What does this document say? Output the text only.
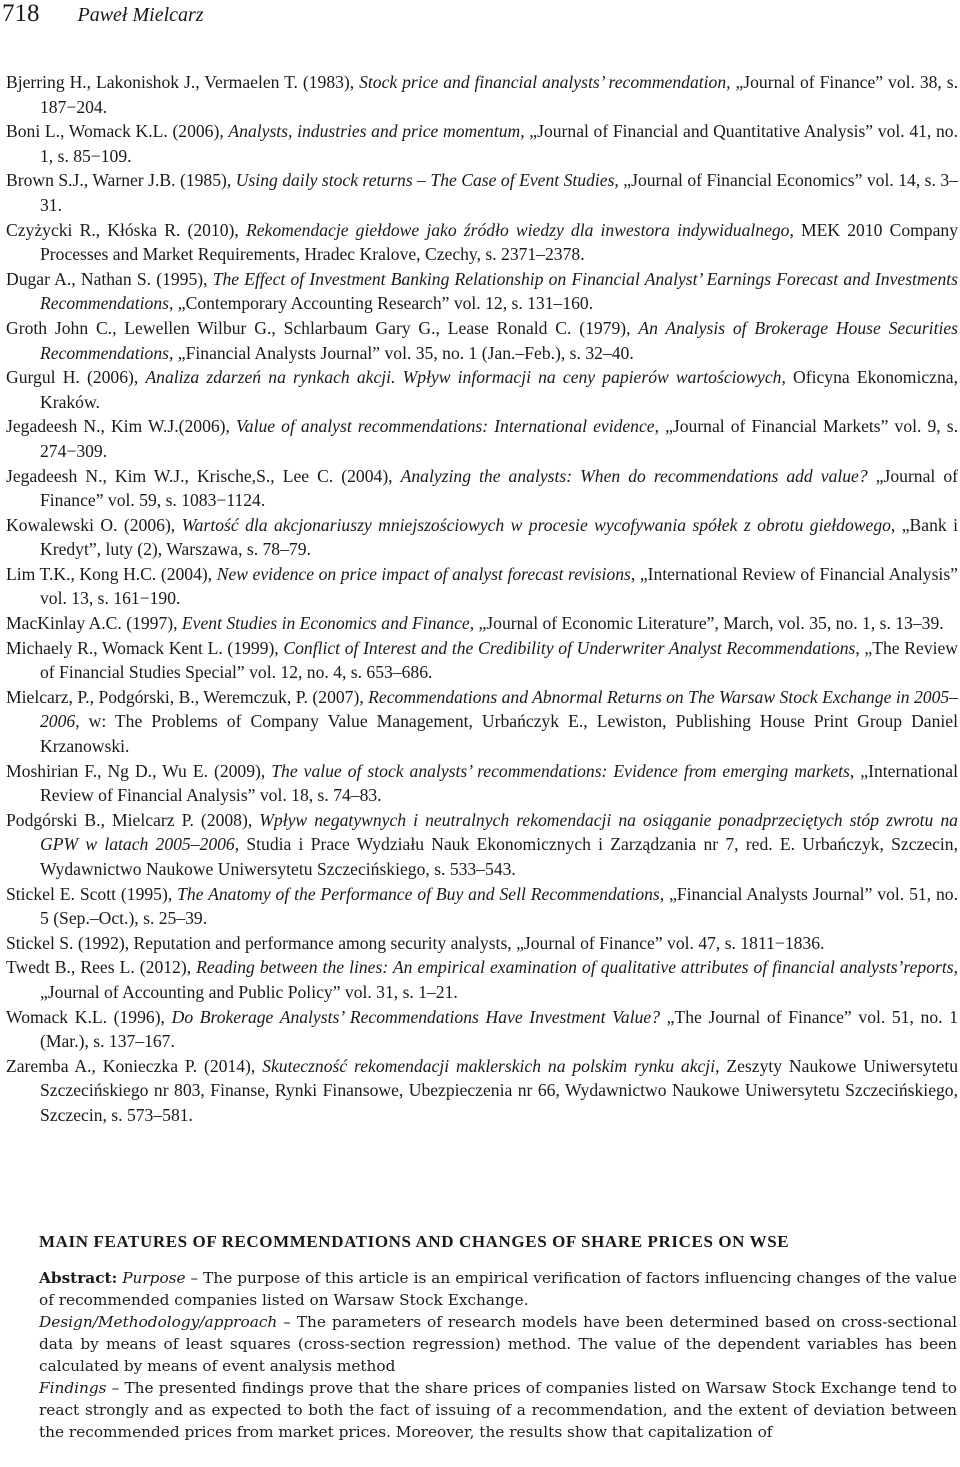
718 Paweł Mielcarz
Bjerring H., Lakonishok J., Vermaelen T. (1983), Stock price and financial analysts’ recommendation, „Journal of Finance” vol. 38, s. 187−204.
Boni L., Womack K.L. (2006), Analysts, industries and price momentum, „Journal of Financial and Quantitative Analysis” vol. 41, no. 1, s. 85−109.
Brown S.J., Warner J.B. (1985), Using daily stock returns – The Case of Event Studies, „Journal of Financial Economics” vol. 14, s. 3–31.
Czyżycki R., Kłóska R. (2010), Rekomendacje giełdowe jako źródło wiedzy dla inwestora indywidualnego, MEK 2010 Company Processes and Market Requirements, Hradec Kralove, Czechy, s. 2371–2378.
Dugar A., Nathan S. (1995), The Effect of Investment Banking Relationship on Financial Analyst’ Earnings Forecast and Investments Recommendations, „Contemporary Accounting Research” vol. 12, s. 131–160.
Groth John C., Lewellen Wilbur G., Schlarbaum Gary G., Lease Ronald C. (1979), An Analysis of Brokerage House Securities Recommendations, „Financial Analysts Journal” vol. 35, no. 1 (Jan.–Feb.), s. 32–40.
Gurgul H. (2006), Analiza zdarzeń na rynkach akcji. Wpływ informacji na ceny papierów wartościowych, Oficyna Ekonomiczna, Kraków.
Jegadeesh N., Kim W.J.(2006), Value of analyst recommendations: International evidence, „Journal of Financial Markets” vol. 9, s. 274−309.
Jegadeesh N., Kim W.J., Krische,S., Lee C. (2004), Analyzing the analysts: When do recommendations add value? „Journal of Finance” vol. 59, s. 1083−1124.
Kowalewski O. (2006), Wartość dla akcjonariuszy mniejszościowych w procesie wycofywania spółek z obrotu giełdowego, „Bank i Kredyt”, luty (2), Warszawa, s. 78–79.
Lim T.K., Kong H.C. (2004), New evidence on price impact of analyst forecast revisions, „International Review of Financial Analysis” vol. 13, s. 161−190.
MacKinlay A.C. (1997), Event Studies in Economics and Finance, „Journal of Economic Literature”, March, vol. 35, no. 1, s. 13–39.
Michaely R., Womack Kent L. (1999), Conflict of Interest and the Credibility of Underwriter Analyst Recommendations, „The Review of Financial Studies Special” vol. 12, no. 4, s. 653–686.
Mielcarz, P., Podgórski, B., Weremczuk, P. (2007), Recommendations and Abnormal Returns on The Warsaw Stock Exchange in 2005–2006, w: The Problems of Company Value Management, Urbańczyk E., Lewiston, Publishing House Print Group Daniel Krzanowski.
Moshirian F., Ng D., Wu E. (2009), The value of stock analysts’ recommendations: Evidence from emerging markets, „International Review of Financial Analysis” vol. 18, s. 74–83.
Podgórski B., Mielcarz P. (2008), Wpływ negatywnych i neutralnych rekomendacji na osiąganie ponadprzeciętych stóp zwrotu na GPW w latach 2005–2006, Studia i Prace Wydziału Nauk Ekonomicznych i Zarządzania nr 7, red. E. Urbańczyk, Szczecin, Wydawnictwo Naukowe Uniwersytetu Szczecińskiego, s. 533–543.
Stickel E. Scott (1995), The Anatomy of the Performance of Buy and Sell Recommendations, „Financial Analysts Journal” vol. 51, no. 5 (Sep.–Oct.), s. 25–39.
Stickel S. (1992), Reputation and performance among security analysts, „Journal of Finance” vol. 47, s. 1811−1836.
Twedt B., Rees L. (2012), Reading between the lines: An empirical examination of qualitative attributes of financial analysts’reports, „Journal of Accounting and Public Policy” vol. 31, s. 1–21.
Womack K.L. (1996), Do Brokerage Analysts’ Recommendations Have Investment Value? „The Journal of Finance” vol. 51, no. 1 (Mar.), s. 137–167.
Zaremba A., Konieczka P. (2014), Skuteczność rekomendacji maklerskich na polskim rynku akcji, Zeszyty Naukowe Uniwersytetu Szczecińskiego nr 803, Finanse, Rynki Finansowe, Ubezpieczenia nr 66, Wydawnictwo Naukowe Uniwersytetu Szczecińskiego, Szczecin, s. 573–581.
MAIN FEATURES OF RECOMMENDATIONS AND CHANGES OF SHARE PRICES ON WSE

Abstract: Purpose – The purpose of this article is an empirical verification of factors influencing changes of the value of recommended companies listed on Warsaw Stock Exchange.

Design/Methodology/approach – The parameters of research models have been determined based on cross-sectional data by means of least squares (cross-section regression) method. The value of the dependent variables has been calculated by means of event analysis method

Findings – The presented findings prove that the share prices of companies listed on Warsaw Stock Exchange tend to react strongly and as expected to both the fact of issuing of a recommendation, and the extent of deviation between the recommended prices from market prices. Moreover, the results show that capitalization of
